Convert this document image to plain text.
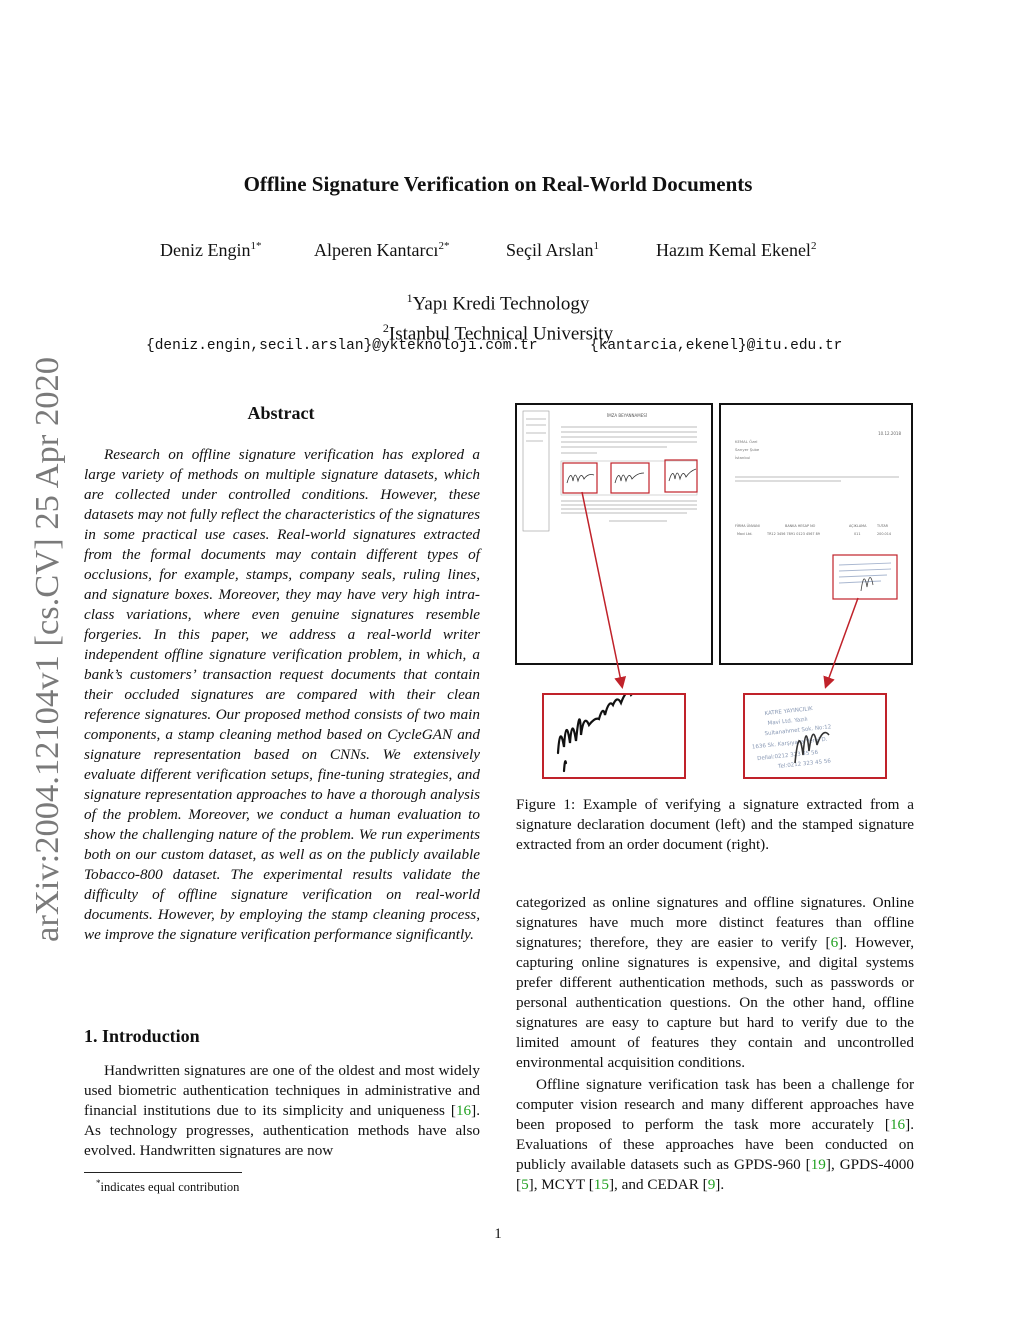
arXiv:2004.12104v1 [cs.CV] 25 Apr 2020
Offline Signature Verification on Real-World Documents
Deniz Engin$^{1*}$	Alperen Kantarcı$^{2*}$	Seçil Arslan$^1$	Hazım Kemal Ekenel$^2$
$^1$Yapı Kredi Technology
$^2$Istanbul Technical University
{deniz.engin,secil.arslan}@ykteknoloji.com.tr	{kantarcia,ekenel}@itu.edu.tr
Abstract
Research on offline signature verification has explored a large variety of methods on multiple signature datasets, which are collected under controlled conditions. However, these datasets may not fully reflect the characteristics of the signatures in some practical use cases. Real-world signatures extracted from the formal documents may contain different types of occlusions, for example, stamps, company seals, ruling lines, and signature boxes. Moreover, they may have very high intra-class variations, where even genuine signatures resemble forgeries. In this paper, we address a real-world writer independent offline signature verification problem, in which, a bank’s customers’ transaction request documents that contain their occluded signatures are compared with their clean reference signatures. Our proposed method consists of two main components, a stamp cleaning method based on CycleGAN and signature representation based on CNNs. We extensively evaluate different verification setups, fine-tuning strategies, and signature representation approaches to have a thorough analysis of the problem. Moreover, we conduct a human evaluation to show the challenging nature of the problem. We run experiments both on our custom dataset, as well as on the publicly available Tobacco-800 dataset. The experimental results validate the difficulty of offline signature verification on real-world documents. However, by employing the stamp cleaning process, we improve the signature verification performance significantly.
1. Introduction
Handwritten signatures are one of the oldest and most widely used biometric authentication techniques in administrative and financial institutions due to its simplicity and uniqueness [16]. As technology progresses, authentication methods have also evolved. Handwritten signatures are now
*indicates equal contribution
İMZA BEYANNAMESİ
10.12.2018
KEMAL Özel
Sarıyer Şube
İstanbul
FİRMA ÜNVANI	BANKA HESAP NO	AÇIKLAMA	TUTAR
Mavi Ltd.	TR12 3456 7891 0123 4567 89	011	200.014
KATRE YAYINCILIK
Mavi Ltd. Yazılı
Sultanahmet Sok. No:12
1636 Sk. Karşıyaka Vergi D.
Dellal:0212 323 45 56
Tel:0212 323 45 56
Figure 1: Example of verifying a signature extracted from a signature declaration document (left) and the stamped signature extracted from an order document (right).
categorized as online signatures and offline signatures. Online signatures have much more distinct features than offline signatures; therefore, they are easier to verify [6]. However, capturing online signatures is expensive, and digital systems prefer different authentication methods, such as passwords or personal authentication questions. On the other hand, offline signatures are easy to capture but hard to verify due to the limited amount of features they contain and uncontrolled environmental acquisition conditions.
Offline signature verification task has been a challenge for computer vision research and many different approaches have been proposed to perform the task more accurately [16]. Evaluations of these approaches have been conducted on publicly available datasets such as GPDS-960 [19], GPDS-4000 [5], MCYT [15], and CEDAR [9].
1
